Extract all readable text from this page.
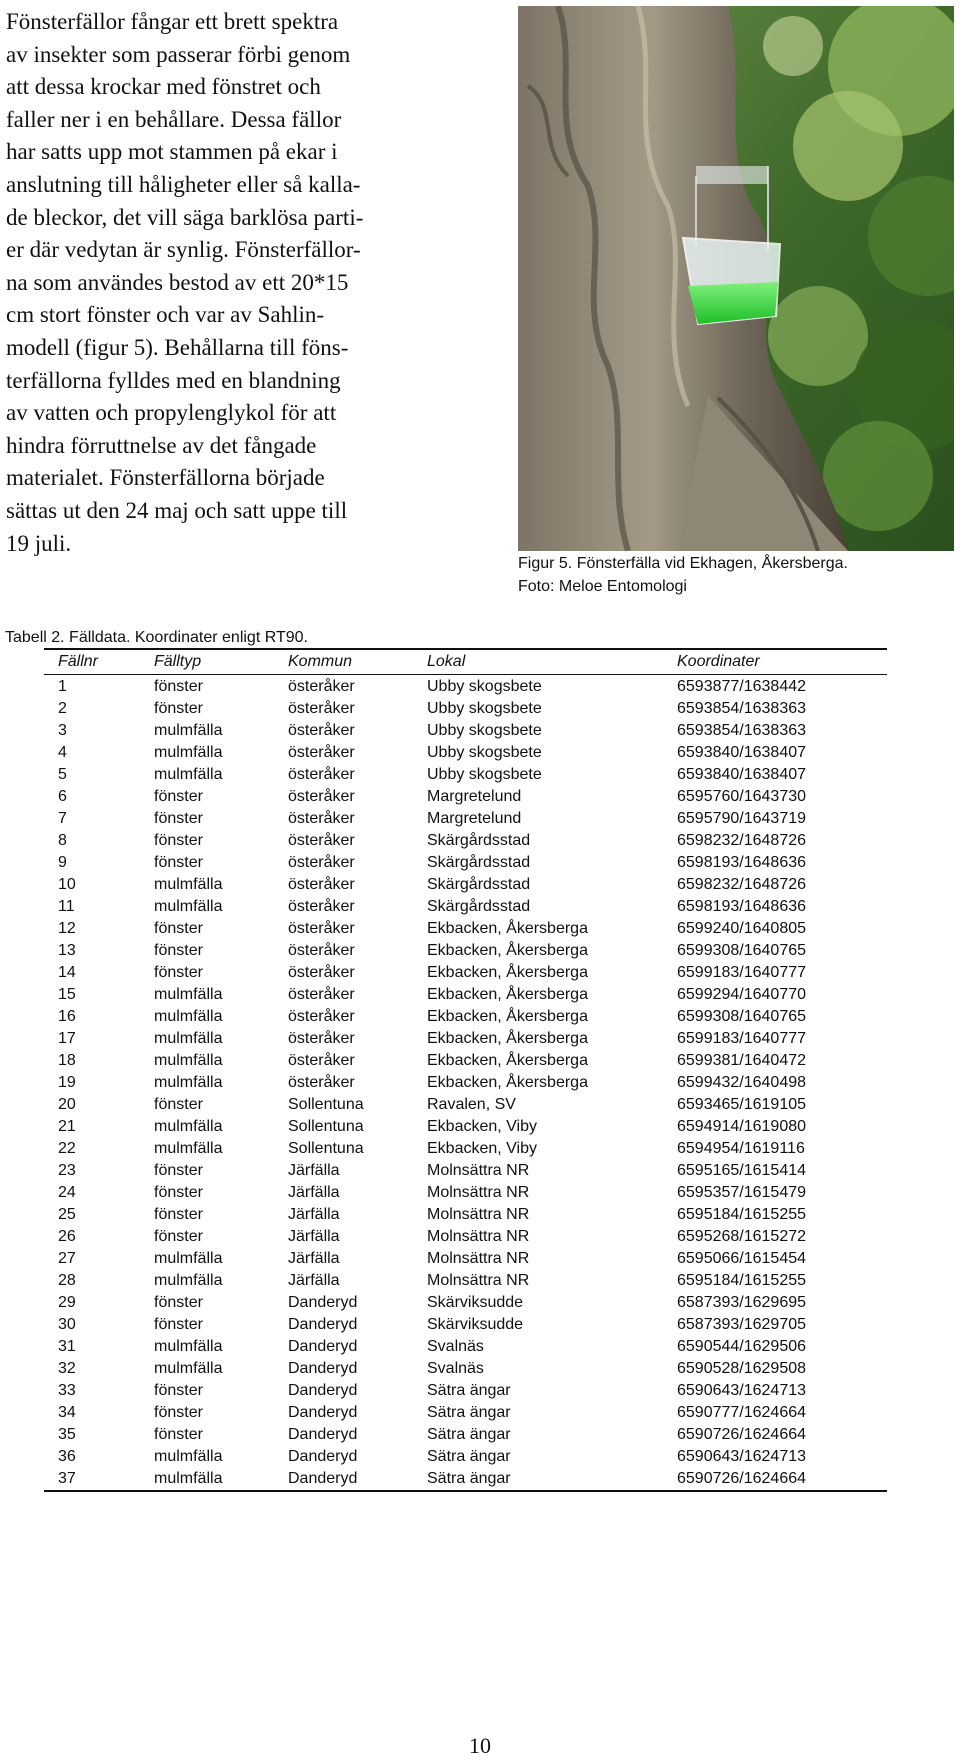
Fönsterfällor fångar ett brett spektra
av insekter som passerar förbi genom
att dessa krockar med fönstret och
faller ner i en behållare. Dessa fällor
har satts upp mot stammen på ekar i
anslutning till håligheter eller så kalla-
de bleckor, det vill säga barklösa parti-
er där vedytan är synlig. Fönsterfällor-
na som användes bestod av ett 20*15
cm stort fönster och var av Sahlin-
modell (figur 5). Behållarna till föns-
terfällorna fylldes med en blandning
av vatten och propylenglykol för att
hindra förruttnelse av det fångade
materialet. Fönsterfällorna började
sättas ut den 24 maj och satt uppe till
19 juli.
Figur 5. Fönsterfälla vid Ekhagen, Åkersberga.
Foto: Meloe Entomologi
Tabell 2. Fälldata. Koordinater enligt RT90.
Fällnr	Fälltyp	Kommun	Lokal	Koordinater
1	fönster	österåker	Ubby skogsbete	6593877/1638442
2	fönster	österåker	Ubby skogsbete	6593854/1638363
3	mulmfälla	österåker	Ubby skogsbete	6593854/1638363
4	mulmfälla	österåker	Ubby skogsbete	6593840/1638407
5	mulmfälla	österåker	Ubby skogsbete	6593840/1638407
6	fönster	österåker	Margretelund	6595760/1643730
7	fönster	österåker	Margretelund	6595790/1643719
8	fönster	österåker	Skärgårdsstad	6598232/1648726
9	fönster	österåker	Skärgårdsstad	6598193/1648636
10	mulmfälla	österåker	Skärgårdsstad	6598232/1648726
11	mulmfälla	österåker	Skärgårdsstad	6598193/1648636
12	fönster	österåker	Ekbacken, Åkersberga	6599240/1640805
13	fönster	österåker	Ekbacken, Åkersberga	6599308/1640765
14	fönster	österåker	Ekbacken, Åkersberga	6599183/1640777
15	mulmfälla	österåker	Ekbacken, Åkersberga	6599294/1640770
16	mulmfälla	österåker	Ekbacken, Åkersberga	6599308/1640765
17	mulmfälla	österåker	Ekbacken, Åkersberga	6599183/1640777
18	mulmfälla	österåker	Ekbacken, Åkersberga	6599381/1640472
19	mulmfälla	österåker	Ekbacken, Åkersberga	6599432/1640498
20	fönster	Sollentuna	Ravalen, SV	6593465/1619105
21	mulmfälla	Sollentuna	Ekbacken, Viby	6594914/1619080
22	mulmfälla	Sollentuna	Ekbacken, Viby	6594954/1619116
23	fönster	Järfälla	Molnsättra NR	6595165/1615414
24	fönster	Järfälla	Molnsättra NR	6595357/1615479
25	fönster	Järfälla	Molnsättra NR	6595184/1615255
26	fönster	Järfälla	Molnsättra NR	6595268/1615272
27	mulmfälla	Järfälla	Molnsättra NR	6595066/1615454
28	mulmfälla	Järfälla	Molnsättra NR	6595184/1615255
29	fönster	Danderyd	Skärviksudde	6587393/1629695
30	fönster	Danderyd	Skärviksudde	6587393/1629705
31	mulmfälla	Danderyd	Svalnäs	6590544/1629506
32	mulmfälla	Danderyd	Svalnäs	6590528/1629508
33	fönster	Danderyd	Sätra ängar	6590643/1624713
34	fönster	Danderyd	Sätra ängar	6590777/1624664
35	fönster	Danderyd	Sätra ängar	6590726/1624664
36	mulmfälla	Danderyd	Sätra ängar	6590643/1624713
37	mulmfälla	Danderyd	Sätra ängar	6590726/1624664
10
